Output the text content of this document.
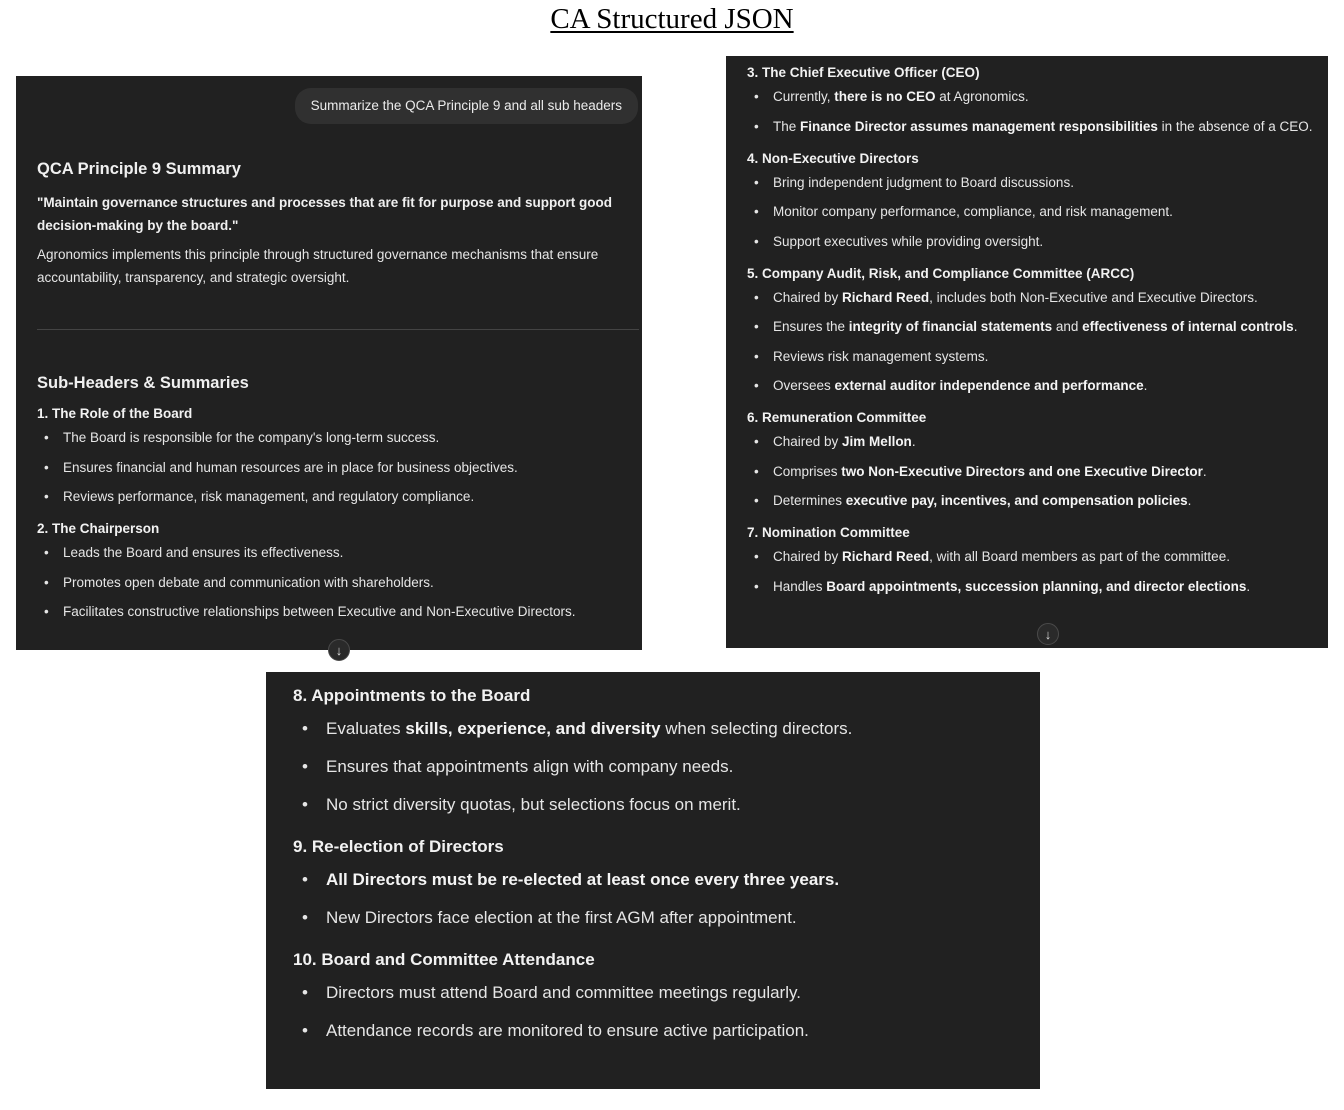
CA Structured JSON
Summarize the QCA Principle 9 and all sub headers
QCA Principle 9 Summary

"Maintain governance structures and processes that are fit for purpose and support good decision-making by the board."

Agronomics implements this principle through structured governance mechanisms that ensure accountability, transparency, and strategic oversight.

Sub-Headers & Summaries
1. The Role of the Board
• The Board is responsible for the company's long-term success.
• Ensures financial and human resources are in place for business objectives.
• Reviews performance, risk management, and regulatory compliance.
2. The Chairperson
• Leads the Board and ensures its effectiveness.
• Promotes open debate and communication with shareholders.
• Facilitates constructive relationships between Executive and Non-Executive Directors.
↓
3. The Chief Executive Officer (CEO)
• Currently, there is no CEO at Agronomics.
• The Finance Director assumes management responsibilities in the absence of a CEO.
4. Non-Executive Directors
• Bring independent judgment to Board discussions.
• Monitor company performance, compliance, and risk management.
• Support executives while providing oversight.
5. Company Audit, Risk, and Compliance Committee (ARCC)
• Chaired by Richard Reed, includes both Non-Executive and Executive Directors.
• Ensures the integrity of financial statements and effectiveness of internal controls.
• Reviews risk management systems.
• Oversees external auditor independence and performance.
6. Remuneration Committee
• Chaired by Jim Mellon.
• Comprises two Non-Executive Directors and one Executive Director.
• Determines executive pay, incentives, and compensation policies.
7. Nomination Committee
• Chaired by Richard Reed, with all Board members as part of the committee.
• Handles Board appointments, succession planning, and director elections.
↓
8. Appointments to the Board
• Evaluates skills, experience, and diversity when selecting directors.
• Ensures that appointments align with company needs.
• No strict diversity quotas, but selections focus on merit.
9. Re-election of Directors
• All Directors must be re-elected at least once every three years.
• New Directors face election at the first AGM after appointment.
10. Board and Committee Attendance
• Directors must attend Board and committee meetings regularly.
• Attendance records are monitored to ensure active participation.
